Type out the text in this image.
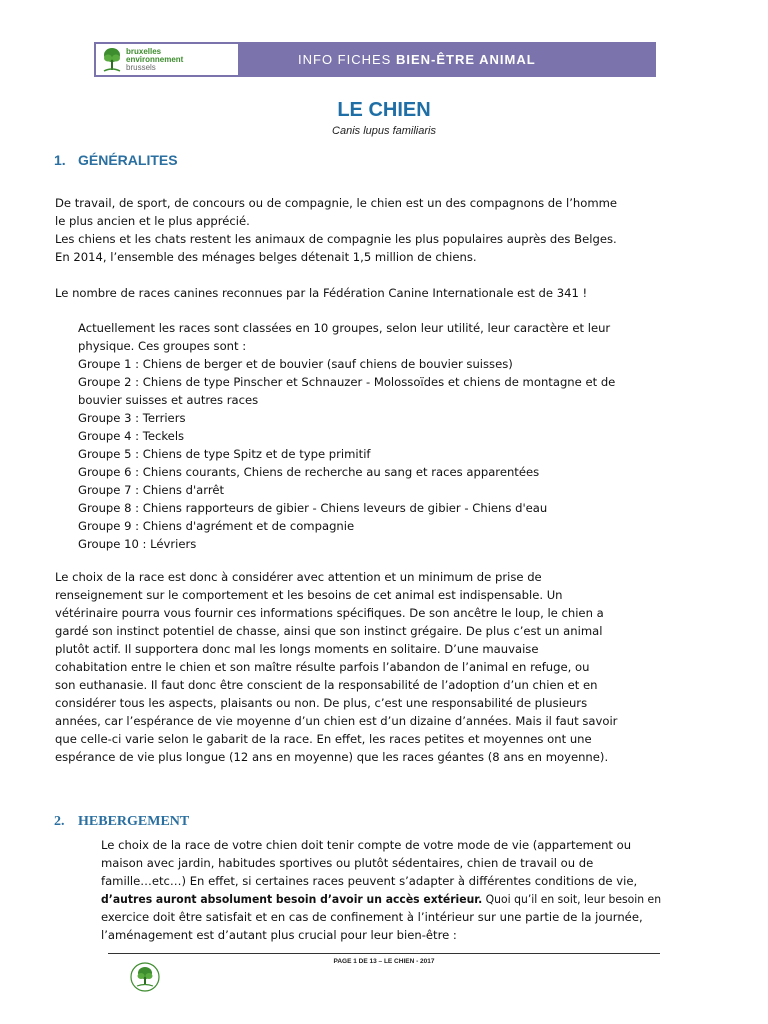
bruxelles
environnement
brussels	INFO FICHES BIEN-ÊTRE ANIMAL
LE CHIEN
Canis lupus familiaris
1. GÉNÉRALITES
De travail, de sport, de concours ou de compagnie, le chien est un des compagnons de l’homme
le plus ancien et le plus apprécié.
Les chiens et les chats restent les animaux de compagnie les plus populaires auprès des Belges.
En 2014, l’ensemble des ménages belges détenait 1,5 million de chiens.
Le nombre de races canines reconnues par la Fédération Canine Internationale est de 341 !
Actuellement les races sont classées en 10 groupes, selon leur utilité, leur caractère et leur
physique. Ces groupes sont :
Groupe 1 : Chiens de berger et de bouvier (sauf chiens de bouvier suisses)
Groupe 2 : Chiens de type Pinscher et Schnauzer - Molossoïdes et chiens de montagne et de
bouvier suisses et autres races
Groupe 3 : Terriers
Groupe 4 : Teckels
Groupe 5 : Chiens de type Spitz et de type primitif
Groupe 6 : Chiens courants, Chiens de recherche au sang et races apparentées
Groupe 7 : Chiens d'arrêt
Groupe 8 : Chiens rapporteurs de gibier - Chiens leveurs de gibier - Chiens d'eau
Groupe 9 : Chiens d'agrément et de compagnie
Groupe 10 : Lévriers
Le choix de la race est donc à considérer avec attention et un minimum de prise de
renseignement sur le comportement et les besoins de cet animal est indispensable. Un
vétérinaire pourra vous fournir ces informations spécifiques. De son ancêtre le loup, le chien a
gardé son instinct potentiel de chasse, ainsi que son instinct grégaire. De plus c’est un animal
plutôt actif. Il supportera donc mal les longs moments en solitaire. D’une mauvaise
cohabitation entre le chien et son maître résulte parfois l’abandon de l’animal en refuge, ou
son euthanasie. Il faut donc être conscient de la responsabilité de l’adoption d’un chien et en
considérer tous les aspects, plaisants ou non. De plus, c’est une responsabilité de plusieurs
années, car l’espérance de vie moyenne d’un chien est d’un dizaine d’années. Mais il faut savoir
que celle-ci varie selon le gabarit de la race. En effet, les races petites et moyennes ont une
espérance de vie plus longue (12 ans en moyenne) que les races géantes (8 ans en moyenne).
2. HEBERGEMENT
Le choix de la race de votre chien doit tenir compte de votre mode de vie (appartement ou
maison avec jardin, habitudes sportives ou plutôt sédentaires, chien de travail ou de
famille…etc…) En effet, si certaines races peuvent s’adapter à différentes conditions de vie,
d’autres auront absolument besoin d’avoir un accès extérieur. Quoi qu’il en soit, leur besoin en
exercice doit être satisfait et en cas de confinement à l’intérieur sur une partie de la journée,
l’aménagement est d’autant plus crucial pour leur bien-être :
PAGE 1 DE 13 – LE CHIEN - 2017
